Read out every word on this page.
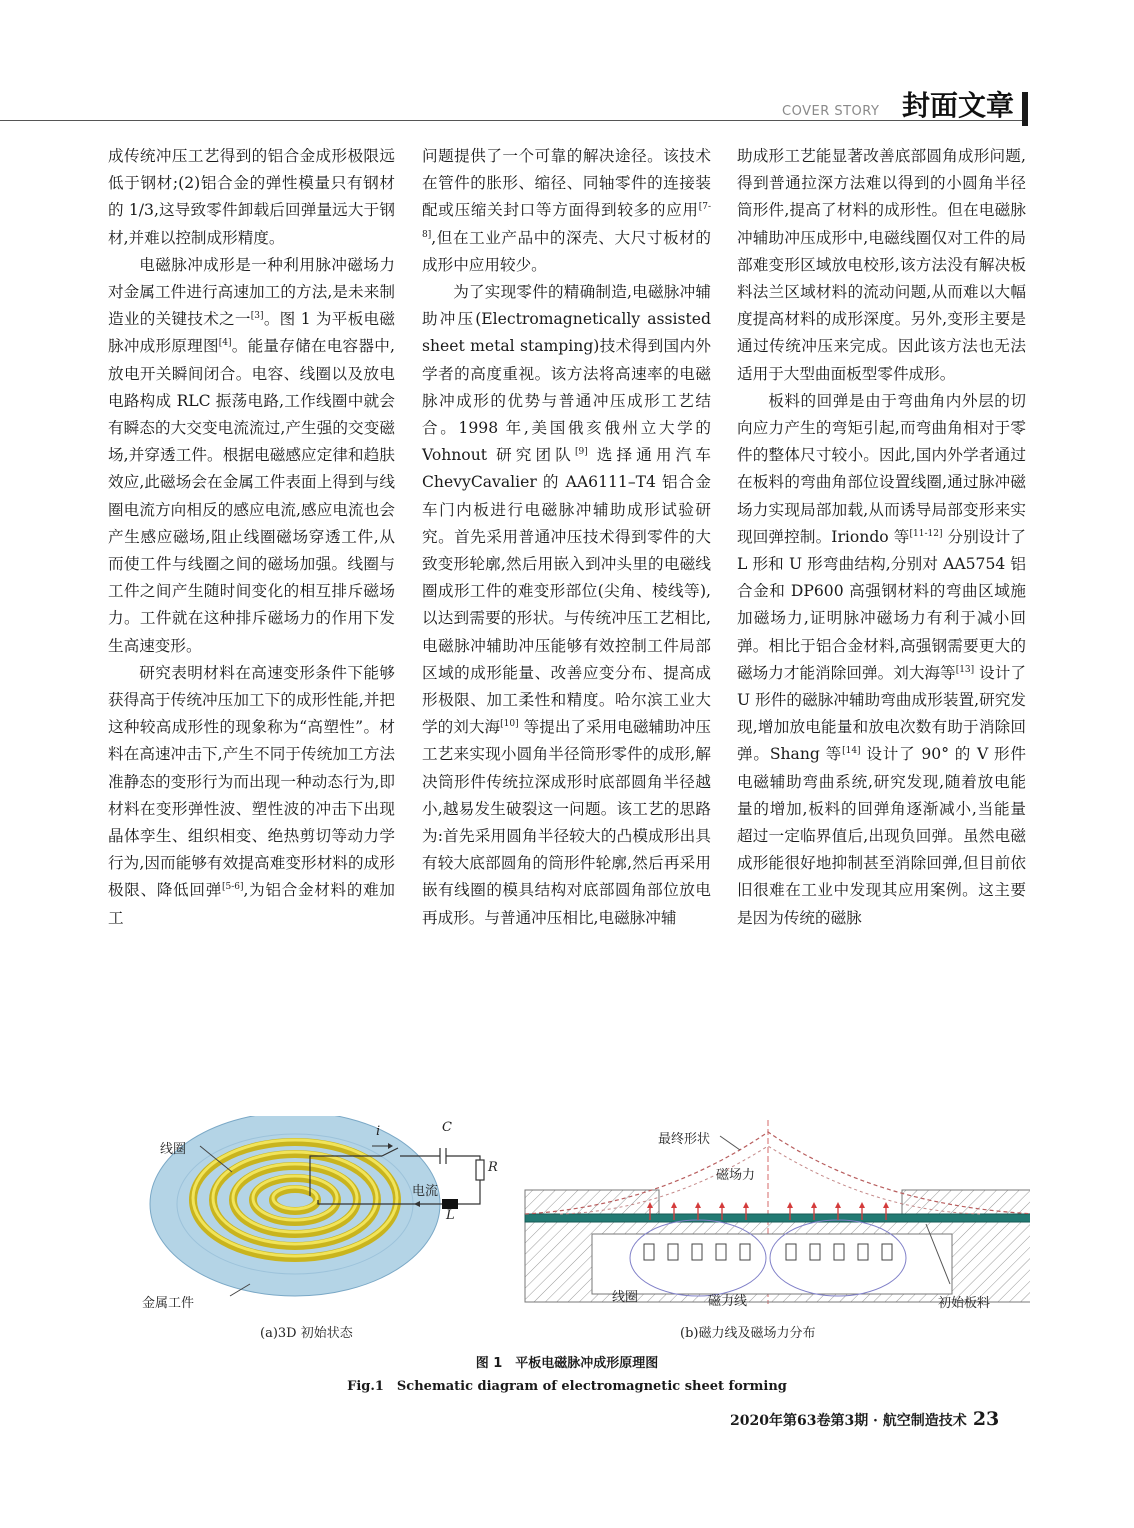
COVER STORY 封面文章

成传统冲压工艺得到的铝合金成形极限远低于钢材;(2)铝合金的弹性模量只有钢材的 1/3,这导致零件卸载后回弹量远大于钢材,并难以控制成形精度。

电磁脉冲成形是一种利用脉冲磁场力对金属工件进行高速加工的方法,是未来制造业的关键技术之一[3]。图 1 为平板电磁脉冲成形原理图[4]。能量存储在电容器中,放电开关瞬间闭合。电容、线圈以及放电电路构成 RLC 振荡电路,工作线圈中就会有瞬态的大交变电流流过,产生强的交变磁场,并穿透工件。根据电磁感应定律和趋肤效应,此磁场会在金属工件表面上得到与线圈电流方向相反的感应电流,感应电流也会产生感应磁场,阻止线圈磁场穿透工件,从而使工件与线圈之间的磁场加强。线圈与工件之间产生随时间变化的相互排斥磁场力。工件就在这种排斥磁场力的作用下发生高速变形。

研究表明材料在高速变形条件下能够获得高于传统冲压加工下的成形性能,并把这种较高成形性的现象称为“高塑性”。材料在高速冲击下,产生不同于传统加工方法准静态的变形行为而出现一种动态行为,即材料在变形弹性波、塑性波的冲击下出现晶体孪生、组织相变、绝热剪切等动力学行为,因而能够有效提高难变形材料的成形极限、降低回弹[5-6],为铝合金材料的难加工

问题提供了一个可靠的解决途径。该技术在管件的胀形、缩径、同轴零件的连接装配或压缩关封口等方面得到较多的应用[7-8],但在工业产品中的深壳、大尺寸板材的成形中应用较少。

为了实现零件的精确制造,电磁脉冲辅助冲压(Electromagnetically assisted sheet metal stamping)技术得到国内外学者的高度重视。该方法将高速率的电磁脉冲成形的优势与普通冲压成形工艺结合。1998 年,美国俄亥俄州立大学的 Vohnout 研究团队[9] 选择通用汽车 ChevyCavalier 的 AA6111–T4 铝合金车门内板进行电磁脉冲辅助成形试验研究。首先采用普通冲压技术得到零件的大致变形轮廓,然后用嵌入到冲头里的电磁线圈成形工件的难变形部位(尖角、棱线等),以达到需要的形状。与传统冲压工艺相比,电磁脉冲辅助冲压能够有效控制工件局部区域的成形能量、改善应变分布、提高成形极限、加工柔性和精度。哈尔滨工业大学的刘大海[10] 等提出了采用电磁辅助冲压工艺来实现小圆角半径筒形零件的成形,解决筒形件传统拉深成形时底部圆角半径越小,越易发生破裂这一问题。该工艺的思路为:首先采用圆角半径较大的凸模成形出具有较大底部圆角的筒形件轮廓,然后再采用嵌有线圈的模具结构对底部圆角部位放电再成形。与普通冲压相比,电磁脉冲辅

助成形工艺能显著改善底部圆角成形问题,得到普通拉深方法难以得到的小圆角半径筒形件,提高了材料的成形性。但在电磁脉冲辅助冲压成形中,电磁线圈仅对工件的局部难变形区域放电校形,该方法没有解决板料法兰区域材料的流动问题,从而难以大幅度提高材料的成形深度。另外,变形主要是通过传统冲压来完成。因此该方法也无法适用于大型曲面板型零件成形。

板料的回弹是由于弯曲角内外层的切向应力产生的弯矩引起,而弯曲角相对于零件的整体尺寸较小。因此,国内外学者通过在板料的弯曲角部位设置线圈,通过脉冲磁场力实现局部加载,从而诱导局部变形来实现回弹控制。Iriondo 等[11-12] 分别设计了 L 形和 U 形弯曲结构,分别对 AA5754 铝合金和 DP600 高强钢材料的弯曲区域施加磁场力,证明脉冲磁场力有利于减小回弹。相比于铝合金材料,高强钢需要更大的磁场力才能消除回弹。刘大海等[13] 设计了 U 形件的磁脉冲辅助弯曲成形装置,研究发现,增加放电能量和放电次数有助于消除回弹。Shang 等[14] 设计了 90° 的 V 形件电磁辅助弯曲系统,研究发现,随着放电能量的增加,板料的回弹角逐渐减小,当能量超过一定临界值后,出现负回弹。虽然电磁成形能很好地抑制甚至消除回弹,但目前依旧很难在工业中发现其应用案例。这主要是因为传统的磁脉

线圈
i	C
R
电流
L
金属工件
最终形状
磁场力
线圈	磁力线	初始板料
(a)3D 初始状态	(b)磁力线及磁场力分布
图 1　平板电磁脉冲成形原理图
Fig.1　Schematic diagram of electromagnetic sheet forming
2020年第63卷第3期 · 航空制造技术 23
